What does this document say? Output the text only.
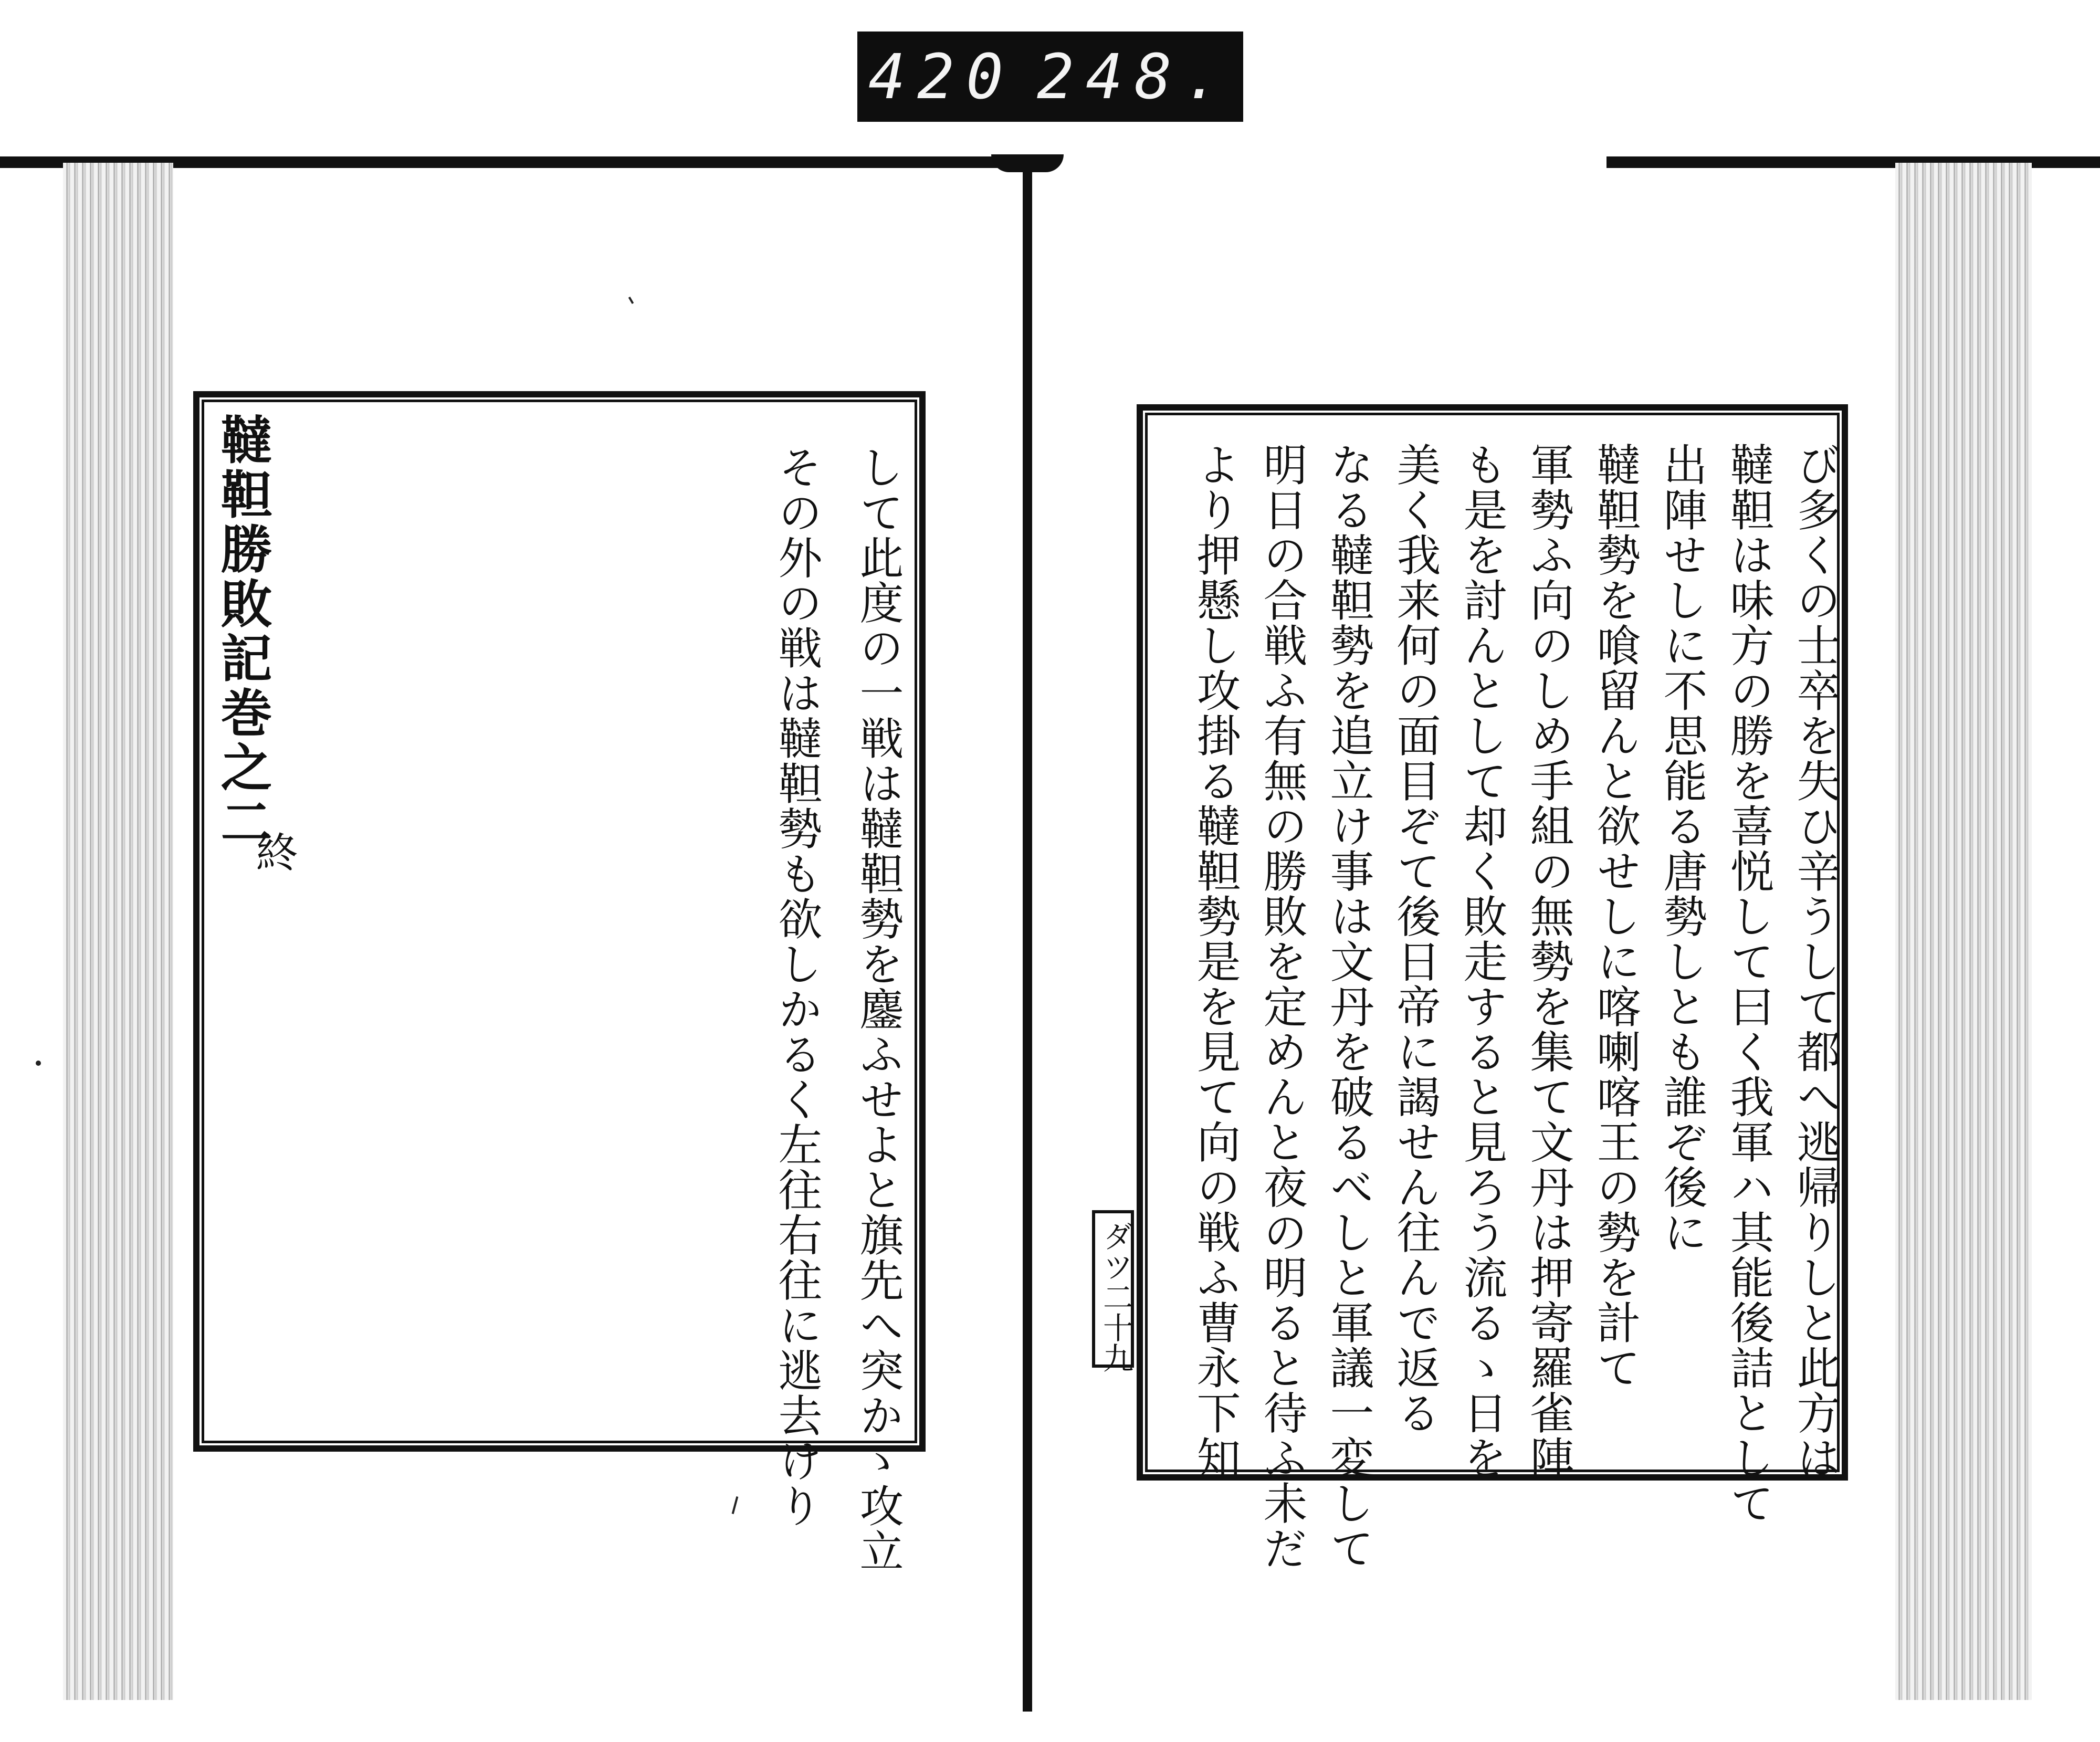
420 248.
韃靼勝敗記巻之二
終	して此度の一戦は韃靼勢を鏖ふせよと旗先へ突かゝ攻立
その外の戦は韃靼勢も欲しかるく左往右往に逃去けり	び多くの士卒を失ひ辛うして都へ逃帰りしと此方は
韃靼は味方の勝を喜悦して曰く我軍ハ其能後詰として
出陣せしに不思能る唐勢しとも誰ぞ後に
韃靼勢を喰留んと欲せしに喀喇喀王の勢を計て
軍勢ふ向のしめ手組の無勢を集て文丹は押寄羅雀陣
も是を討んとして却く敗走すると見ろう流るゝ日を
美く我来何の面目ぞて後日帝に謁せん往んで返る
なる韃靼勢を追立け事は文丹を破るべしと軍議一変して
明日の合戦ふ有無の勝敗を定めんと夜の明ると待ふ未だ
より押懸し攻掛る韃靼勢是を見て向の戦ふ曹永下知
ダツ二十九
